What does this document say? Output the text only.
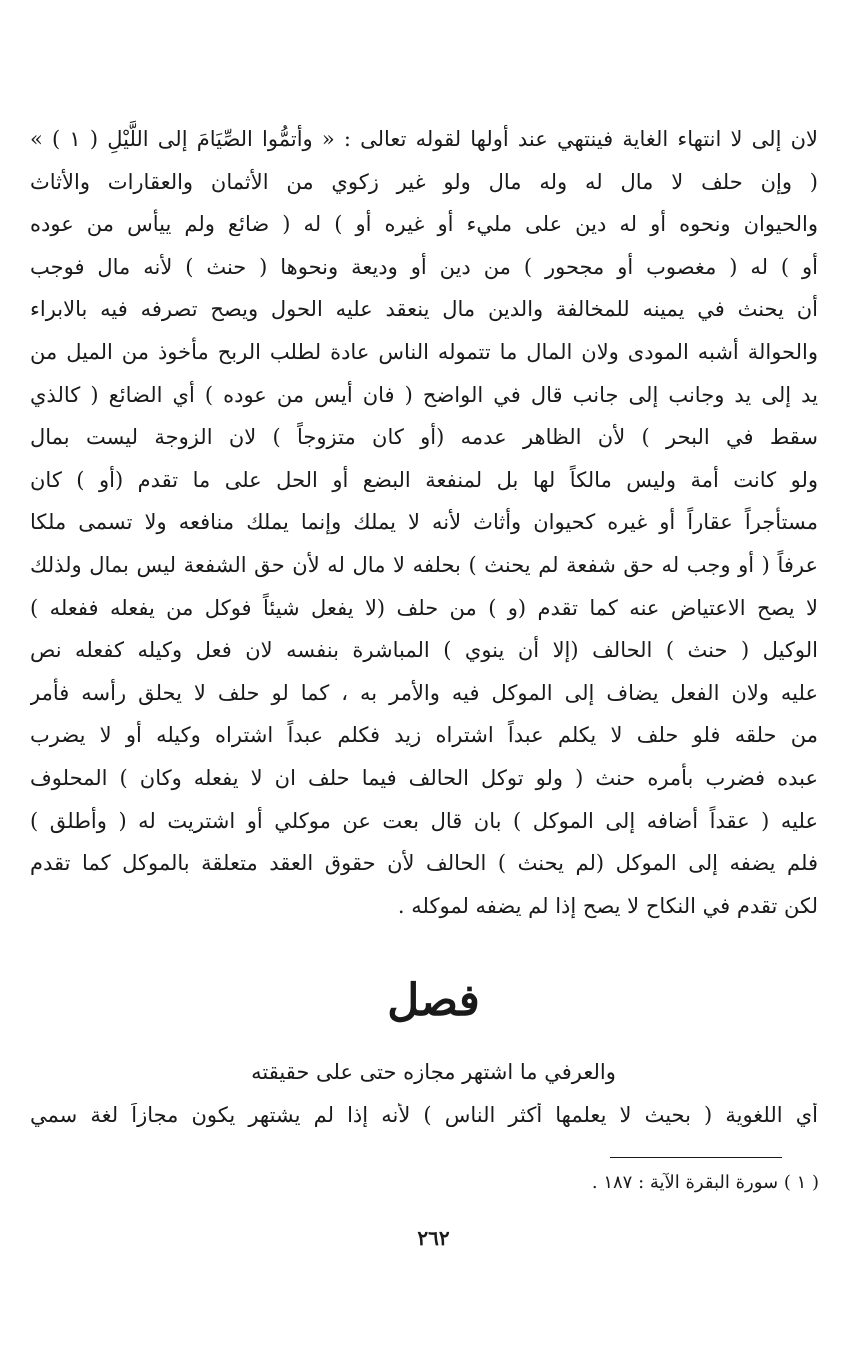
لان إلى لا انتهاء الغاية فينتهي عند أولها لقوله تعالى : « وأتمُّوا الصِّيَامَ إلى اللَّيْلِ ( ١ ) »
( وإن حلف لا مال له وله مال ولو غير زكوي من الأثمان والعقارات والأثاث
والحيوان ونحوه أو له دين على مليء أو غيره أو ) له ( ضائع ولم ييأس من عوده
أو ) له ( مغصوب أو مجحور ) من دين أو وديعة ونحوها ( حنث ) لأنه مال فوجب
أن يحنث في يمينه للمخالفة والدين مال ينعقد عليه الحول ويصح تصرفه فيه بالابراء
والحوالة أشبه المودى ولان المال ما تتموله الناس عادة لطلب الربح مأخوذ من الميل من
يد إلى يد وجانب إلى جانب قال في الواضح ( فان أيس من عوده ) أي الضائع ( كالذي
سقط في البحر ) لأن الظاهر عدمه (أو كان متزوجاً ) لان الزوجة ليست بمال
ولو كانت أمة وليس مالكاً لها بل لمنفعة البضع أو الحل على ما تقدم (أو ) كان
مستأجراً عقاراً أو غيره كحيوان وأثاث لأنه لا يملك وإنما يملك منافعه ولا تسمى ملكا
عرفاً ( أو وجب له حق شفعة لم يحنث ) بحلفه لا مال له لأن حق الشفعة ليس بمال ولذلك
لا يصح الاعتياض عنه كما تقدم (و ) من حلف (لا يفعل شيئاً فوكل من يفعله ففعله )
الوكيل ( حنث ) الحالف (إلا أن ينوي ) المباشرة بنفسه لان فعل وكيله كفعله نص
عليه ولان الفعل يضاف إلى الموكل فيه والأمر به ، كما لو حلف لا يحلق رأسه فأمر
من حلقه فلو حلف لا يكلم عبداً اشتراه زيد فكلم عبداً اشتراه وكيله أو لا يضرب
عبده فضرب بأمره حنث ( ولو توكل الحالف فيما حلف ان لا يفعله وكان ) المحلوف
عليه ( عقداً أضافه إلى الموكل ) بان قال بعت عن موكلي أو اشتريت له ( وأطلق )
فلم يضفه إلى الموكل (لم يحنث ) الحالف لأن حقوق العقد متعلقة بالموكل كما تقدم
لكن تقدم في النكاح لا يصح إذا لم يضفه لموكله .
فصل
والعرفي ما اشتهر مجازه حتى على حقيقته
أي اللغوية ( بحيث لا يعلمها أكثر الناس ) لأنه إذا لم يشتهر يكون مجازاً لغة سمي
( ١ ) سورة البقرة الآية : ١٨٧ .
٢٦٢
